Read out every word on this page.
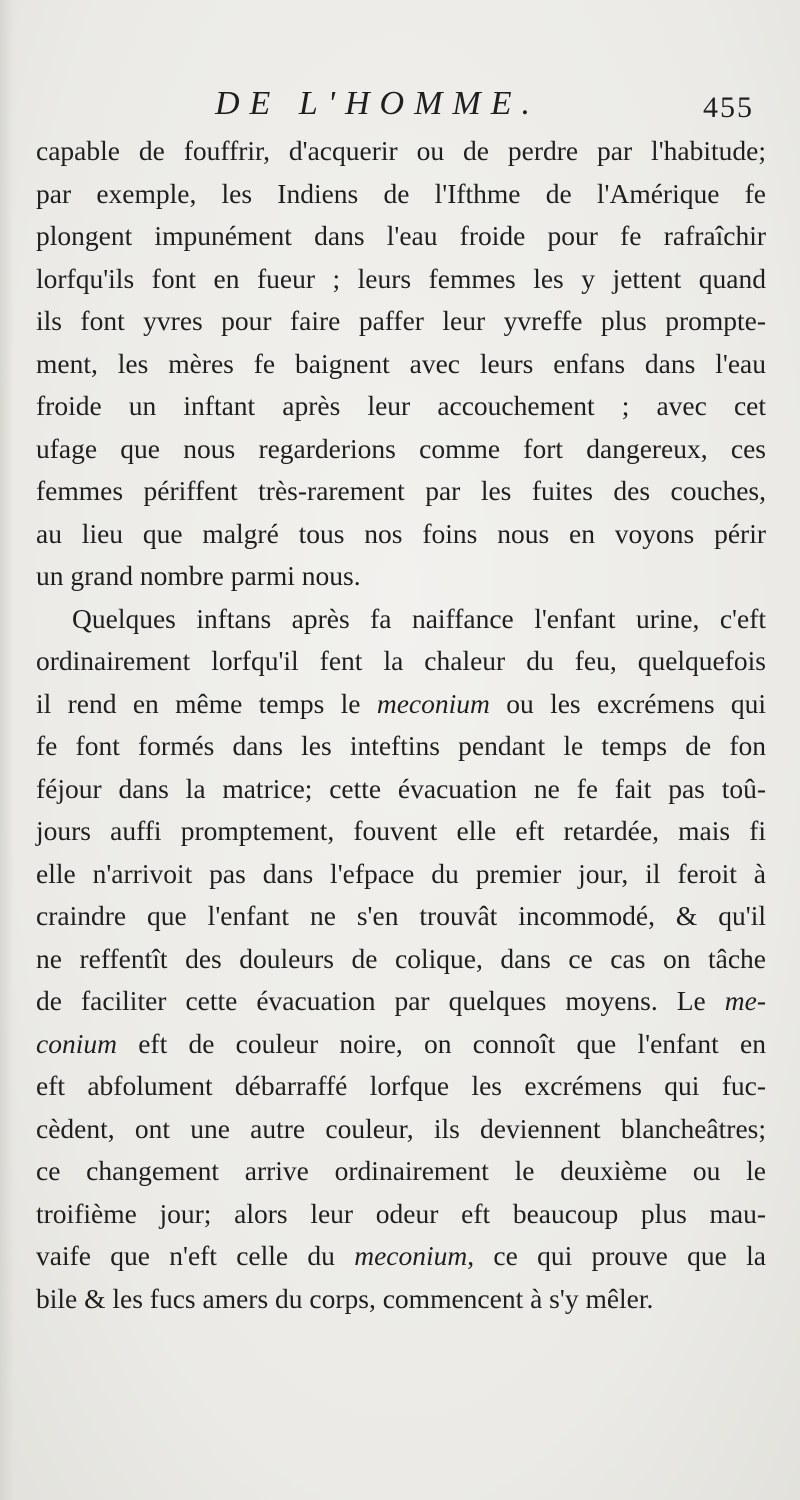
DE L'HOMME.	455
capable de fouffrir, d'acquerir ou de perdre par l'habitude;
par exemple, les Indiens de l'Ifthme de l'Amérique fe
plongent impunément dans l'eau froide pour fe rafraîchir
lorfqu'ils font en fueur ; leurs femmes les y jettent quand
ils font yvres pour faire paffer leur yvreffe plus prompte-
ment, les mères fe baignent avec leurs enfans dans l'eau
froide un inftant après leur accouchement ; avec cet
ufage que nous regarderions comme fort dangereux, ces
femmes périffent très-rarement par les fuites des couches,
au lieu que malgré tous nos foins nous en voyons périr
un grand nombre parmi nous.
Quelques inftans après fa naiffance l'enfant urine, c'eft
ordinairement lorfqu'il fent la chaleur du feu, quelquefois
il rend en même temps le meconium ou les excrémens qui
fe font formés dans les inteftins pendant le temps de fon
féjour dans la matrice; cette évacuation ne fe fait pas toû-
jours auffi promptement, fouvent elle eft retardée, mais fi
elle n'arrivoit pas dans l'efpace du premier jour, il feroit à
craindre que l'enfant ne s'en trouvât incommodé, & qu'il
ne reffentît des douleurs de colique, dans ce cas on tâche
de faciliter cette évacuation par quelques moyens. Le me-
conium eft de couleur noire, on connoît que l'enfant en
eft abfolument débarraffé lorfque les excrémens qui fuc-
cèdent, ont une autre couleur, ils deviennent blancheâtres;
ce changement arrive ordinairement le deuxième ou le
troifième jour; alors leur odeur eft beaucoup plus mau-
vaife que n'eft celle du meconium, ce qui prouve que la
bile & les fucs amers du corps, commencent à s'y mêler.
